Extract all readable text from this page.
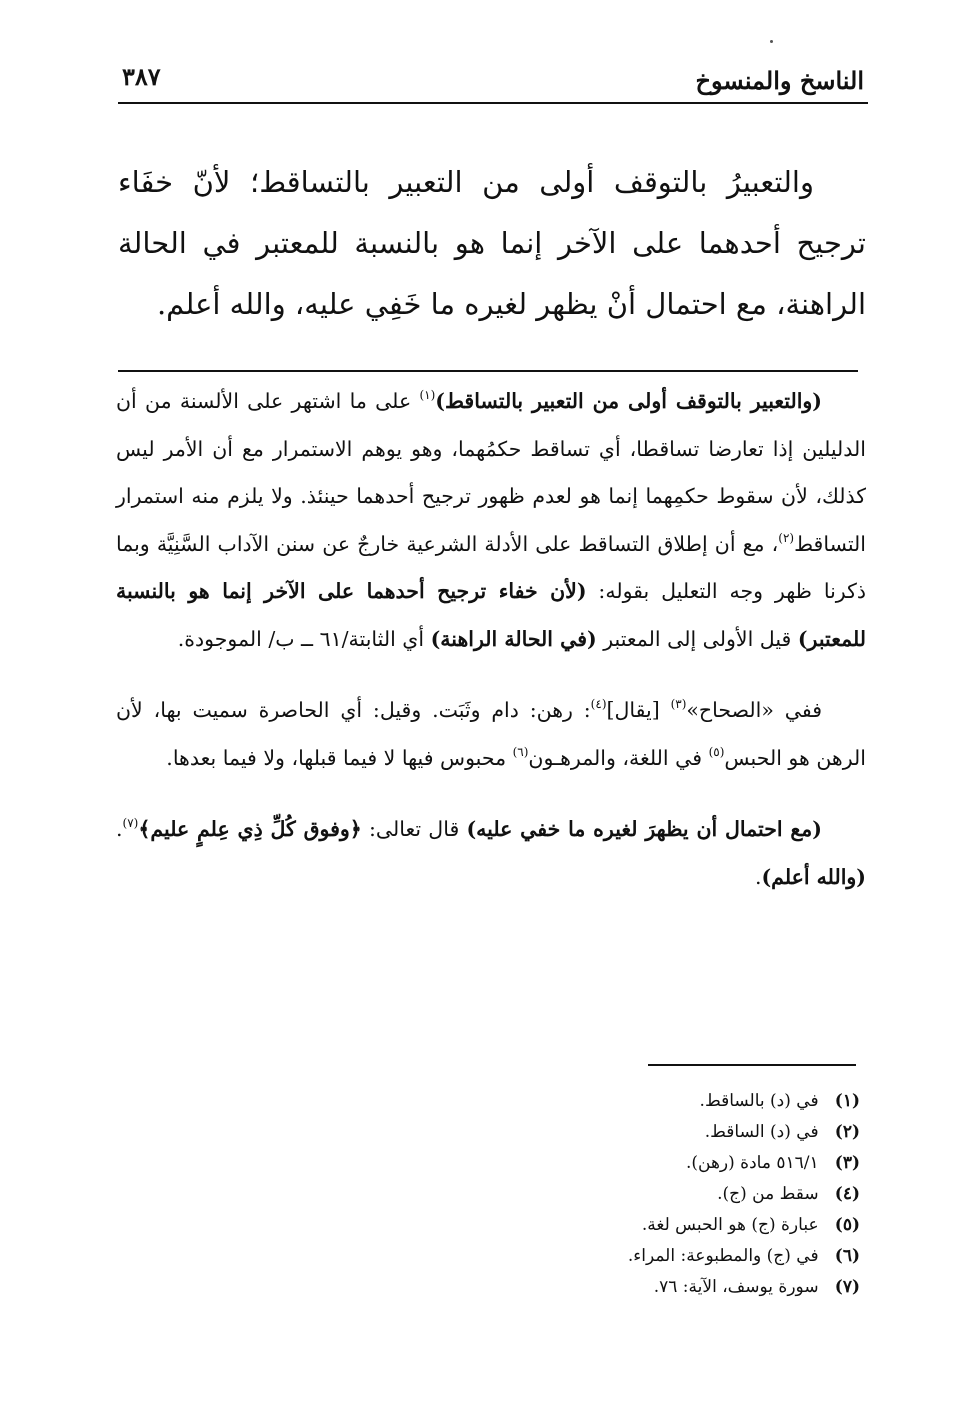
٣٨٧	الناسخ والمنسوخ

والتعبيرُ بالتوقف أولى من التعبير بالتساقط؛ لأنّ خفَاء ترجيح أحدهما على الآخر إنما هو بالنسبة للمعتبر في الحالة الراهنة، مع احتمال أنْ يظهر لغيره ما خَفِي عليه، والله أعلم.

(والتعبير بالتوقف أولى من التعبير بالتساقط)$^{(١)}$ على ما اشتهر على الألسنة من أن الدليلين إذا تعارضا تساقطا، أي تساقط حكمُهما، وهو يوهم الاستمرار مع أن الأمر ليس كذلك، لأن سقوط حكمِهما إنما هو لعدم ظهور ترجيح أحدهما حينئذ. ولا يلزم منه استمرار التساقط$^{(٢)}$، مع أن إطلاق التساقط على الأدلة الشرعية خارجٌ عن سنن الآداب السَّنِيَّة وبما ذكرنا ظهر وجه التعليل بقوله: (لأن خفاء ترجيح أحدهما على الآخر إنما هو بالنسبة للمعتبر) قيل الأولى إلى المعتبر (في الحالة الراهنة) أي الثابتة/٦١ ــ ب/ الموجودة.

ففي «الصحاح»$^{(٣)}$ [يقال]$^{(٤)}$: رهن: دام وثَبَت. وقيل: أي الحاصرة سميت بها، لأن الرهن هو الحبس$^{(٥)}$ في اللغة، والمرهـون$^{(٦)}$ محبوس فيها لا فيما قبلها، ولا فيما بعدها.

(مع احتمال أن يظهرَ لغيره ما خفي عليه) قال تعالى: ﴿وفوق كُلِّ ذِي عِلمٍ عليم﴾$^{(٧)}$. (والله أعلم).

(١) في (د) بالساقط.
(٢) في (د) الساقط.
(٣) ٥١٦/١ مادة (رهن).
(٤) سقط من (ج).
(٥) عبارة (ج) هو الحبس لغة.
(٦) في (ج) والمطبوعة: المراء.
(٧) سورة يوسف، الآية: ٧٦.
